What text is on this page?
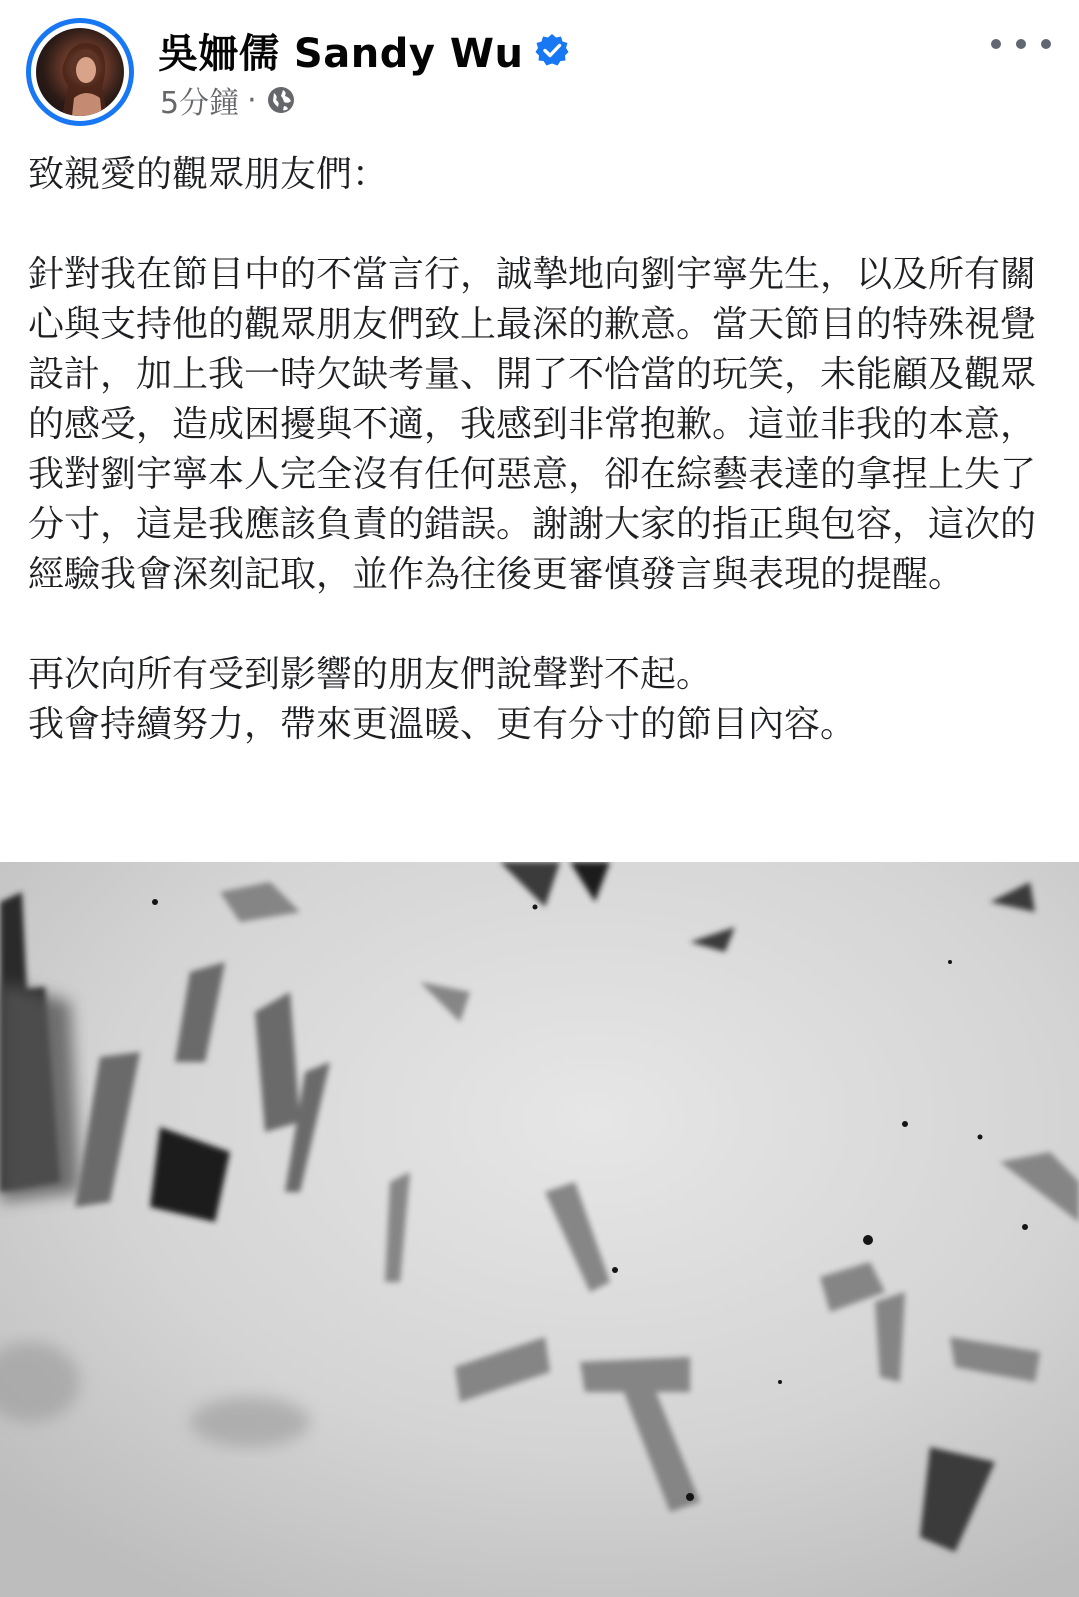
吳姍儒 Sandy Wu
5分鐘 ·

致親愛的觀眾朋友們：

針對我在節目中的不當言行，誠摯地向劉宇寧先生，以及所有關心與支持他的觀眾朋友們致上最深的歉意。當天節目的特殊視覺設計，加上我一時欠缺考量、開了不恰當的玩笑，未能顧及觀眾的感受，造成困擾與不適，我感到非常抱歉。這並非我的本意，我對劉宇寧本人完全沒有任何惡意，卻在綜藝表達的拿捏上失了分寸，這是我應該負責的錯誤。謝謝大家的指正與包容，這次的經驗我會深刻記取，並作為往後更審慎發言與表現的提醒。

再次向所有受到影響的朋友們說聲對不起。

我會持續努力，帶來更溫暖、更有分寸的節目內容。
